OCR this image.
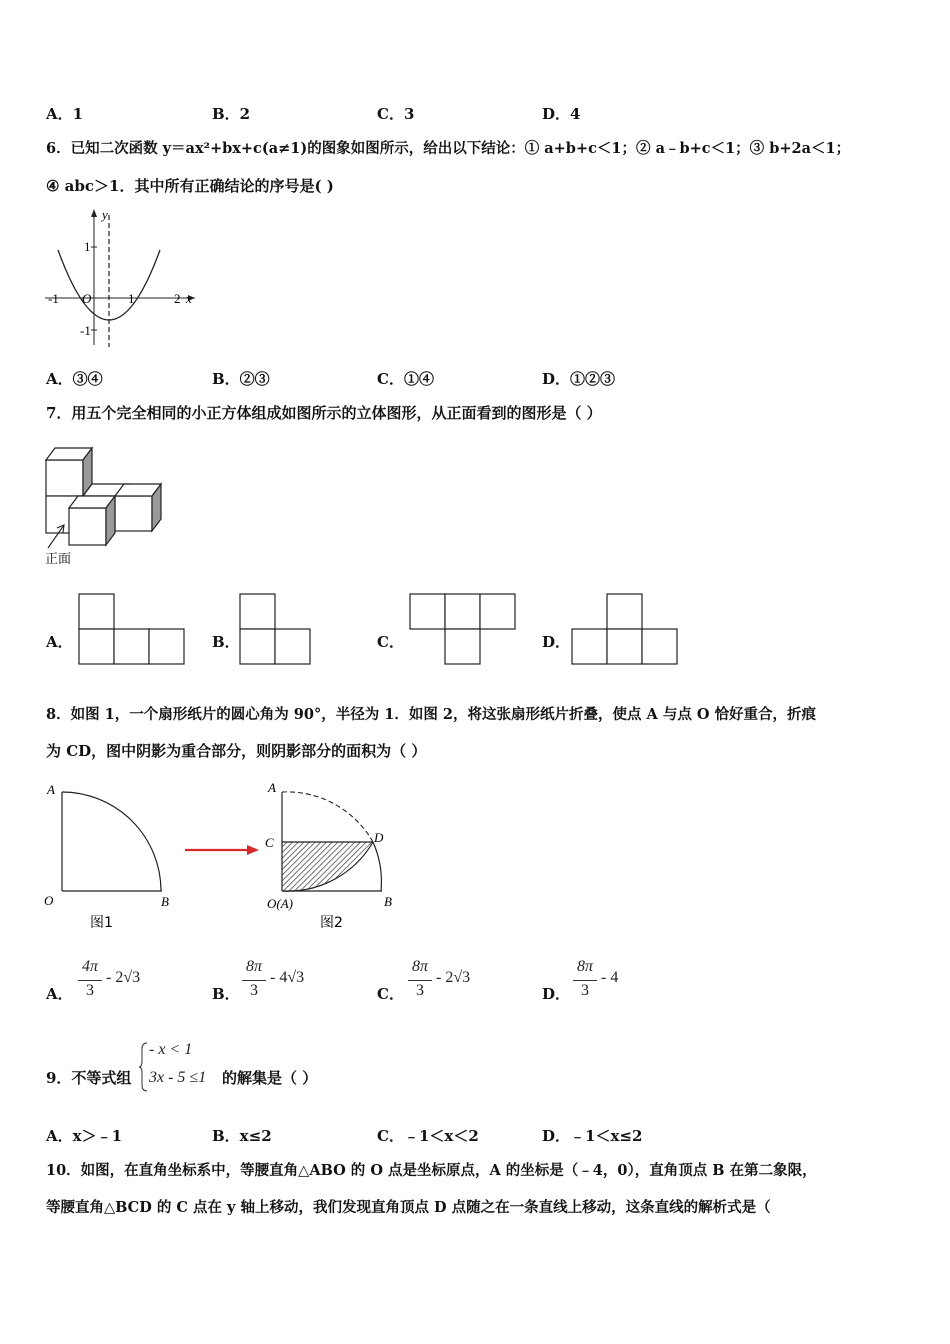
A．1	B．2	C．3	D．4
6．已知二次函数 y＝ax²+bx+c(a≠1)的图象如图所示，给出以下结论：① a+b+c＜1；② a﹣b+c＜1；③ b+2a＜1；
④ abc＞1．其中所有正确结论的序号是( )
y
x
O
-1	1	2
1
-1
A．③④	B．②③	C．①④	D．①②③
7．用五个完全相同的小正方体组成如图所示的立体图形，从正面看到的图形是（ ）
正面
A．	B．	C．	D．
8．如图 1，一个扇形纸片的圆心角为 90°，半径为 1．如图 2，将这张扇形纸片折叠，使点 A 与点 O 恰好重合，折痕
为 CD，图中阴影为重合部分，则阴影部分的面积为（ ）
A
O	B
图1
A
C	D
O(A)	B
图2
A．
4π
3
- 2√3
B．
8π
3
- 4√3
C．
8π
3
- 2√3
D．
8π
3
- 4
9．不等式组
- x < 1
3x - 5 ≤1 的解集是（ ）
A．x＞﹣1	B．x≤2	C．﹣1＜x＜2	D．﹣1＜x≤2
10．如图，在直角坐标系中，等腰直角△ABO 的 O 点是坐标原点，A 的坐标是（﹣4，0），直角顶点 B 在第二象限，
等腰直角△BCD 的 C 点在 y 轴上移动，我们发现直角顶点 D 点随之在一条直线上移动，这条直线的解析式是（
